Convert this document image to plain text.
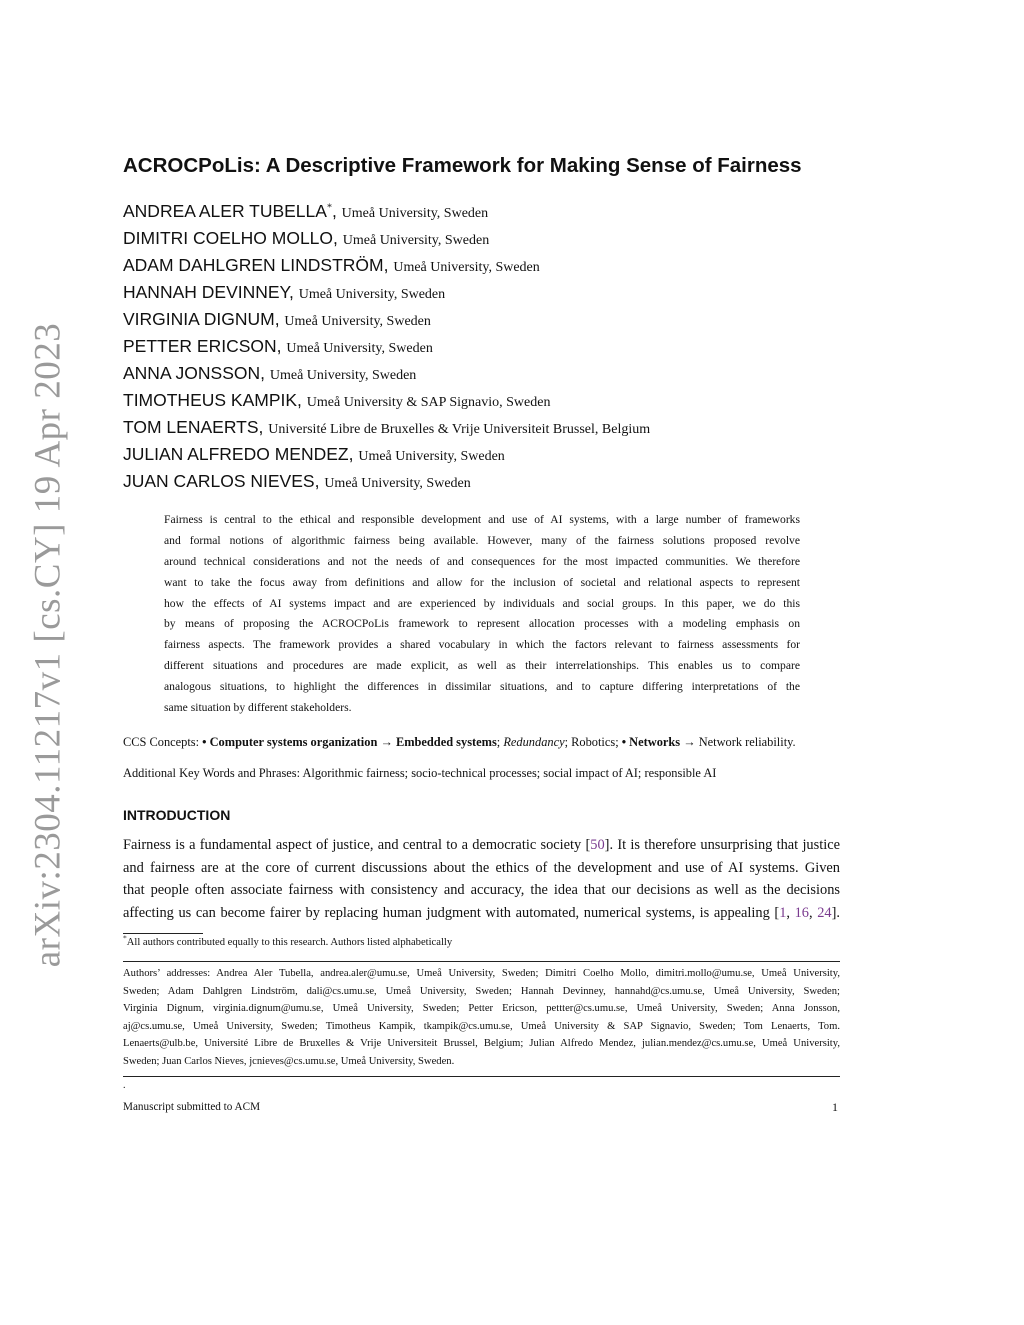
arXiv:2304.11217v1 [cs.CY] 19 Apr 2023
ACROCPoLis: A Descriptive Framework for Making Sense of Fairness
ANDREA ALER TUBELLA*, Umeå University, Sweden
DIMITRI COELHO MOLLO, Umeå University, Sweden
ADAM DAHLGREN LINDSTRÖM, Umeå University, Sweden
HANNAH DEVINNEY, Umeå University, Sweden
VIRGINIA DIGNUM, Umeå University, Sweden
PETTER ERICSON, Umeå University, Sweden
ANNA JONSSON, Umeå University, Sweden
TIMOTHEUS KAMPIK, Umeå University & SAP Signavio, Sweden
TOM LENAERTS, Université Libre de Bruxelles & Vrije Universiteit Brussel, Belgium
JULIAN ALFREDO MENDEZ, Umeå University, Sweden
JUAN CARLOS NIEVES, Umeå University, Sweden
Fairness is central to the ethical and responsible development and use of AI systems, with a large number of frameworks
and formal notions of algorithmic fairness being available. However, many of the fairness solutions proposed revolve
around technical considerations and not the needs of and consequences for the most impacted communities. We therefore
want to take the focus away from definitions and allow for the inclusion of societal and relational aspects to represent
how the effects of AI systems impact and are experienced by individuals and social groups. In this paper, we do this
by means of proposing the ACROCPoLis framework to represent allocation processes with a modeling emphasis on
fairness aspects. The framework provides a shared vocabulary in which the factors relevant to fairness assessments for
different situations and procedures are made explicit, as well as their interrelationships. This enables us to compare
analogous situations, to highlight the differences in dissimilar situations, and to capture differing interpretations of the
same situation by different stakeholders.
CCS Concepts: • Computer systems organization → Embedded systems; Redundancy; Robotics; • Networks → Network reliability.
Additional Key Words and Phrases: Algorithmic fairness; socio-technical processes; social impact of AI; responsible AI
INTRODUCTION
Fairness is a fundamental aspect of justice, and central to a democratic society [50]. It is therefore unsurprising that justice
and fairness are at the core of current discussions about the ethics of the development and use of AI systems. Given
that people often associate fairness with consistency and accuracy, the idea that our decisions as well as the decisions
affecting us can become fairer by replacing human judgment with automated, numerical systems, is appealing [1, 16, 24].
*All authors contributed equally to this research. Authors listed alphabetically
Authors’ addresses: Andrea Aler Tubella, andrea.aler@umu.se, Umeå University, Sweden; Dimitri Coelho Mollo, dimitri.mollo@umu.se, Umeå University,
Sweden; Adam Dahlgren Lindström, dali@cs.umu.se, Umeå University, Sweden; Hannah Devinney, hannahd@cs.umu.se, Umeå University, Sweden;
Virginia Dignum, virginia.dignum@umu.se, Umeå University, Sweden; Petter Ericson, pettter@cs.umu.se, Umeå University, Sweden; Anna Jonsson,
aj@cs.umu.se, Umeå University, Sweden; Timotheus Kampik, tkampik@cs.umu.se, Umeå University & SAP Signavio, Sweden; Tom Lenaerts, Tom.
Lenaerts@ulb.be, Université Libre de Bruxelles & Vrije Universiteit Brussel, Belgium; Julian Alfredo Mendez, julian.mendez@cs.umu.se, Umeå University,
Sweden; Juan Carlos Nieves, jcnieves@cs.umu.se, Umeå University, Sweden.
.
Manuscript submitted to ACM	1
